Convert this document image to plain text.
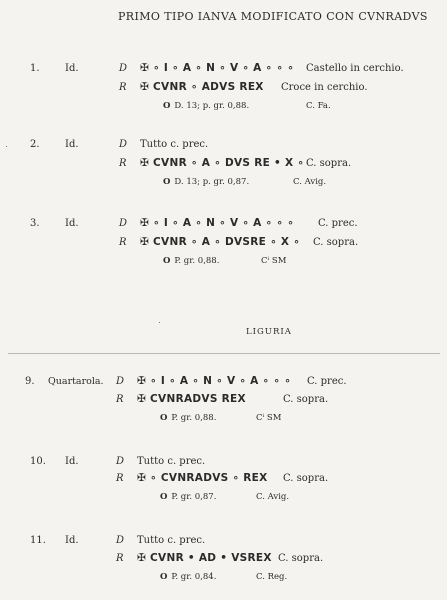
PRIMO TIPO IANVA MODIFICATO CON CVNRADVS
1.	Id.	D ✠ ∘ I ∘ A ∘ N ∘ V ∘ A ∘ ∘ ∘ Castello in cerchio.
R ✠ CVNR ∘ ADVS REX Croce in cerchio.
O D. 13; p. gr. 0,88.	C. Fa.
2.	Id.	D Tutto c. prec.
R ✠ CVNR ∘ A ∘ DVS RE • X ∘ C. sopra.
O D. 13; p. gr. 0,87.	C. Avig.
3.	Id.	D ✠ ∘ I ∘ A ∘ N ∘ V ∘ A ∘ ∘ ∘ C. prec.
R ✠ CVNR ∘ A ∘ DVSRE ∘ X ∘ C. sopra.
O P. gr. 0,88.	Cⁱ SM
LIGURIA
9. Quartarola. D ✠ ∘ I ∘ A ∘ N ∘ V ∘ A ∘ ∘ ∘ C. prec.
R ✠ CVNRADVS REX	C. sopra.
O P. gr. 0,88.	Cⁱ SM
10. Id.	D Tutto c. prec.
R ✠ ∘ CVNRADVS ∘ REX C. sopra.
O P. gr. 0,87.	C. Avig.
11. Id.	D Tutto c. prec.
R ✠ CVNR • AD • VSREX C. sopra.
O P. gr. 0,84.	C. Reg.
